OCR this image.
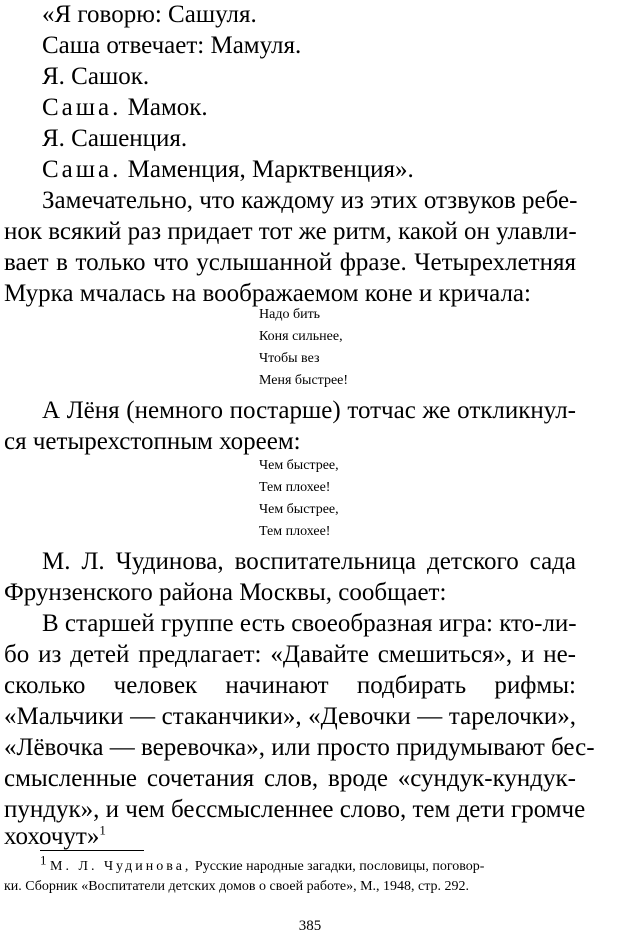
«Я говорю: Сашуля.
Саша отвечает: Мамуля.
Я. Сашок.
Саша. Мамок.
Я. Сашенция.
Саша. Маменция, Марктвенция».
Замечательно, что каждому из этих отзвуков ребе-
нок всякий раз придает тот же ритм, какой он улавли-
вает в только что услышанной фразе. Четырехлетняя
Мурка мчалась на воображаемом коне и кричала:
Надо бить
Коня сильнее,
Чтобы вез
Меня быстрее!
А Лёня (немного постарше) тотчас же откликнул-
ся четырехстопным хореем:
Чем быстрее,
Тем плохее!
Чем быстрее,
Тем плохее!
М. Л. Чудинова, воспитательница детского сада
Фрунзенского района Москвы, сообщает:
В старшей группе есть своеобразная игра: кто-ли-
бо из детей предлагает: «Давайте смешиться», и не-
сколько человек начинают подбирать рифмы:
«Мальчики — стаканчики», «Девочки — тарелочки»,
«Лёвочка — веревочка», или просто придумывают бес-
смысленные сочетания слов, вроде «сундук-кундук-
пундук», и чем бессмысленнее слово, тем дети громче
хохочут»$^1$
$^1$ М. Л. Чудинова, Русские народные загадки, пословицы, поговор-
ки. Сборник «Воспитатели детских домов о своей работе», М., 1948, стр. 292.
385
